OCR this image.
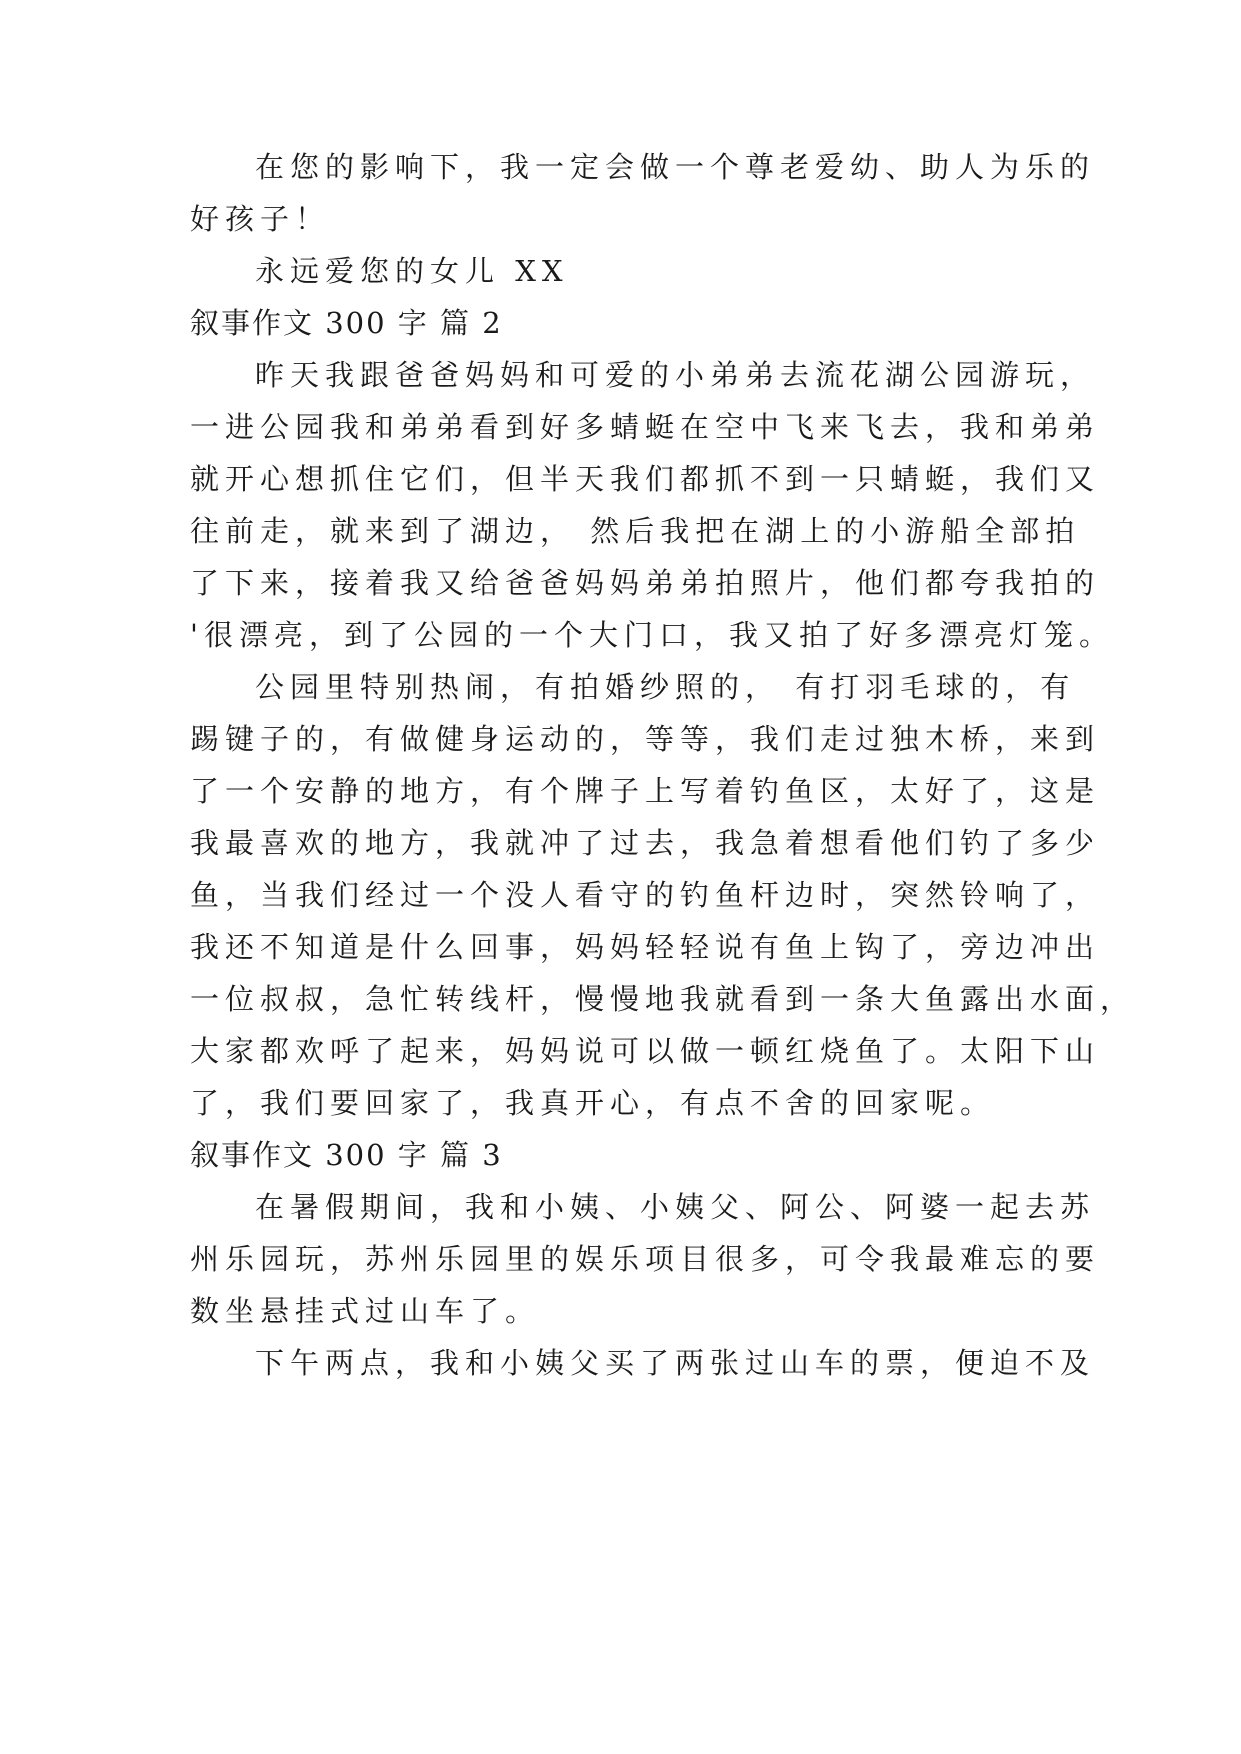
在您的影响下，我一定会做一个尊老爱幼、助人为乐的
好孩子！
永远爱您的女儿 XX
叙事作文 300 字 篇 2
昨天我跟爸爸妈妈和可爱的小弟弟去流花湖公园游玩，
一进公园我和弟弟看到好多蜻蜓在空中飞来飞去，我和弟弟
就开心想抓住它们，但半天我们都抓不到一只蜻蜓，我们又
往前走，就来到了湖边， 然后我把在湖上的小游船全部拍
了下来，接着我又给爸爸妈妈弟弟拍照片，他们都夸我拍的
'很漂亮，到了公园的一个大门口，我又拍了好多漂亮灯笼。
公园里特别热闹，有拍婚纱照的， 有打羽毛球的，有
踢键子的，有做健身运动的，等等，我们走过独木桥，来到
了一个安静的地方，有个牌子上写着钓鱼区，太好了，这是
我最喜欢的地方，我就冲了过去，我急着想看他们钓了多少
鱼，当我们经过一个没人看守的钓鱼杆边时，突然铃响了，
我还不知道是什么回事，妈妈轻轻说有鱼上钩了，旁边冲出
一位叔叔，急忙转线杆，慢慢地我就看到一条大鱼露出水面，
大家都欢呼了起来，妈妈说可以做一顿红烧鱼了。太阳下山
了，我们要回家了，我真开心，有点不舍的回家呢。
叙事作文 300 字 篇 3
在暑假期间，我和小姨、小姨父、阿公、阿婆一起去苏
州乐园玩，苏州乐园里的娱乐项目很多，可令我最难忘的要
数坐悬挂式过山车了。
下午两点，我和小姨父买了两张过山车的票，便迫不及
